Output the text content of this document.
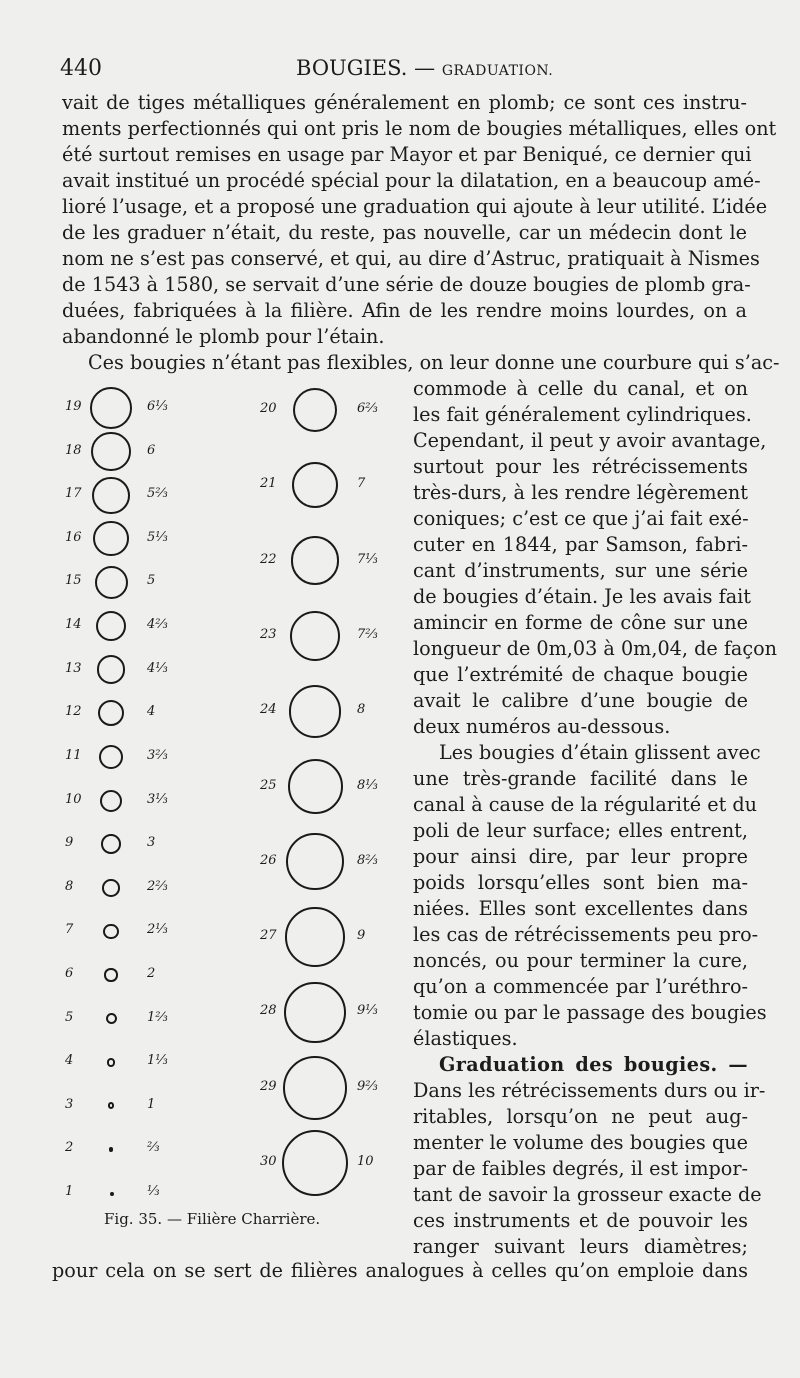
440	BOUGIES. — GRADUATION.
vait de tiges métalliques généralement en plomb; ce sont ces instru-
ments perfectionnés qui ont pris le nom de bougies métalliques, elles ont
été surtout remises en usage par Mayor et par Beniqué, ce dernier qui
avait institué un procédé spécial pour la dilatation, en a beaucoup amé-
lioré l’usage, et a proposé une graduation qui ajoute à leur utilité. L’idée
de les graduer n’était, du reste, pas nouvelle, car un médecin dont le
nom ne s’est pas conservé, et qui, au dire d’Astruc, pratiquait à Nismes
de 1543 à 1580, se servait d’une série de douze bougies de plomb gra-
duées, fabriquées à la filière. Afin de les rendre moins lourdes, on a
abandonné le plomb pour l’étain.
Ces bougies n’étant pas flexibles, on leur donne une courbure qui s’ac-
19	6⅓
18	6
17	5⅔
16	5⅓
15	5
14	4⅔
13	4⅓
12	4
11	3⅔
10	3⅓
9	3
8	2⅔
7	2⅓
6	2
5	1⅔
4	1⅓
3	1
2	⅔
1	⅓
20	6⅔
21	7
22	7⅓
23	7⅔
24	8
25	8⅓
26	8⅔
27	9
28	9⅓
29	9⅔
30	10
commode à celle du canal, et on
les fait généralement cylindriques.
Cependant, il peut y avoir avantage,
surtout pour les rétrécissements
très-durs, à les rendre légèrement
coniques; c’est ce que j’ai fait exé-
cuter en 1844, par Samson, fabri-
cant d’instruments, sur une série
de bougies d’étain. Je les avais fait
amincir en forme de cône sur une
longueur de 0m,03 à 0m,04, de façon
que l’extrémité de chaque bougie
avait le calibre d’une bougie de
deux numéros au-dessous.
Les bougies d’étain glissent avec
une très-grande facilité dans le
canal à cause de la régularité et du
poli de leur surface; elles entrent,
pour ainsi dire, par leur propre
poids lorsqu’elles sont bien ma-
niées. Elles sont excellentes dans
les cas de rétrécissements peu pro-
noncés, ou pour terminer la cure,
qu’on a commencée par l’uréthro-
tomie ou par le passage des bougies
élastiques.
Graduation des bougies. —
Dans les rétrécissements durs ou ir-
ritables, lorsqu’on ne peut aug-
menter le volume des bougies que
par de faibles degrés, il est impor-
tant de savoir la grosseur exacte de
ces instruments et de pouvoir les
ranger suivant leurs diamètres;
Fig. 35. — Filière Charrière.
pour cela on se sert de filières analogues à celles qu’on emploie dans
